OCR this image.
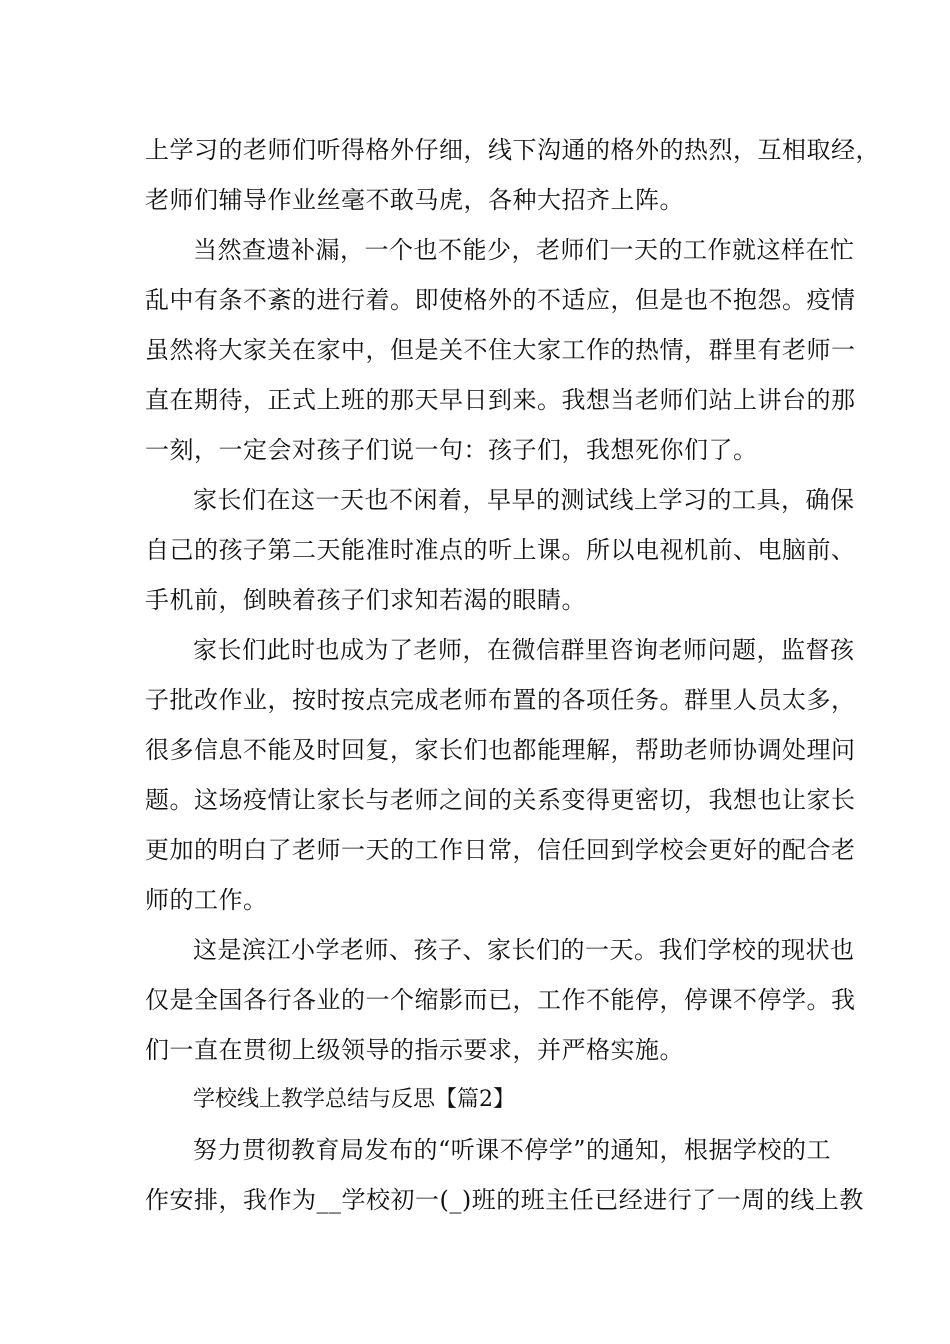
上学习的老师们听得格外仔细，线下沟通的格外的热烈，互相取经，
老师们辅导作业丝毫不敢马虎，各种大招齐上阵。
当然查遗补漏，一个也不能少，老师们一天的工作就这样在忙
乱中有条不紊的进行着。即使格外的不适应，但是也不抱怨。疫情
虽然将大家关在家中，但是关不住大家工作的热情，群里有老师一
直在期待，正式上班的那天早日到来。我想当老师们站上讲台的那
一刻，一定会对孩子们说一句：孩子们，我想死你们了。
家长们在这一天也不闲着，早早的测试线上学习的工具，确保
自己的孩子第二天能准时准点的听上课。所以电视机前、电脑前、
手机前，倒映着孩子们求知若渴的眼睛。
家长们此时也成为了老师，在微信群里咨询老师问题，监督孩
子批改作业，按时按点完成老师布置的各项任务。群里人员太多，
很多信息不能及时回复，家长们也都能理解，帮助老师协调处理问
题。这场疫情让家长与老师之间的关系变得更密切，我想也让家长
更加的明白了老师一天的工作日常，信任回到学校会更好的配合老
师的工作。
这是滨江小学老师、孩子、家长们的一天。我们学校的现状也
仅是全国各行各业的一个缩影而已，工作不能停，停课不停学。我
们一直在贯彻上级领导的指示要求，并严格实施。
学校线上教学总结与反思【篇2】
努力贯彻教育局发布的“听课不停学”的通知，根据学校的工
作安排，我作为__学校初一(_)班的班主任已经进行了一周的线上教
